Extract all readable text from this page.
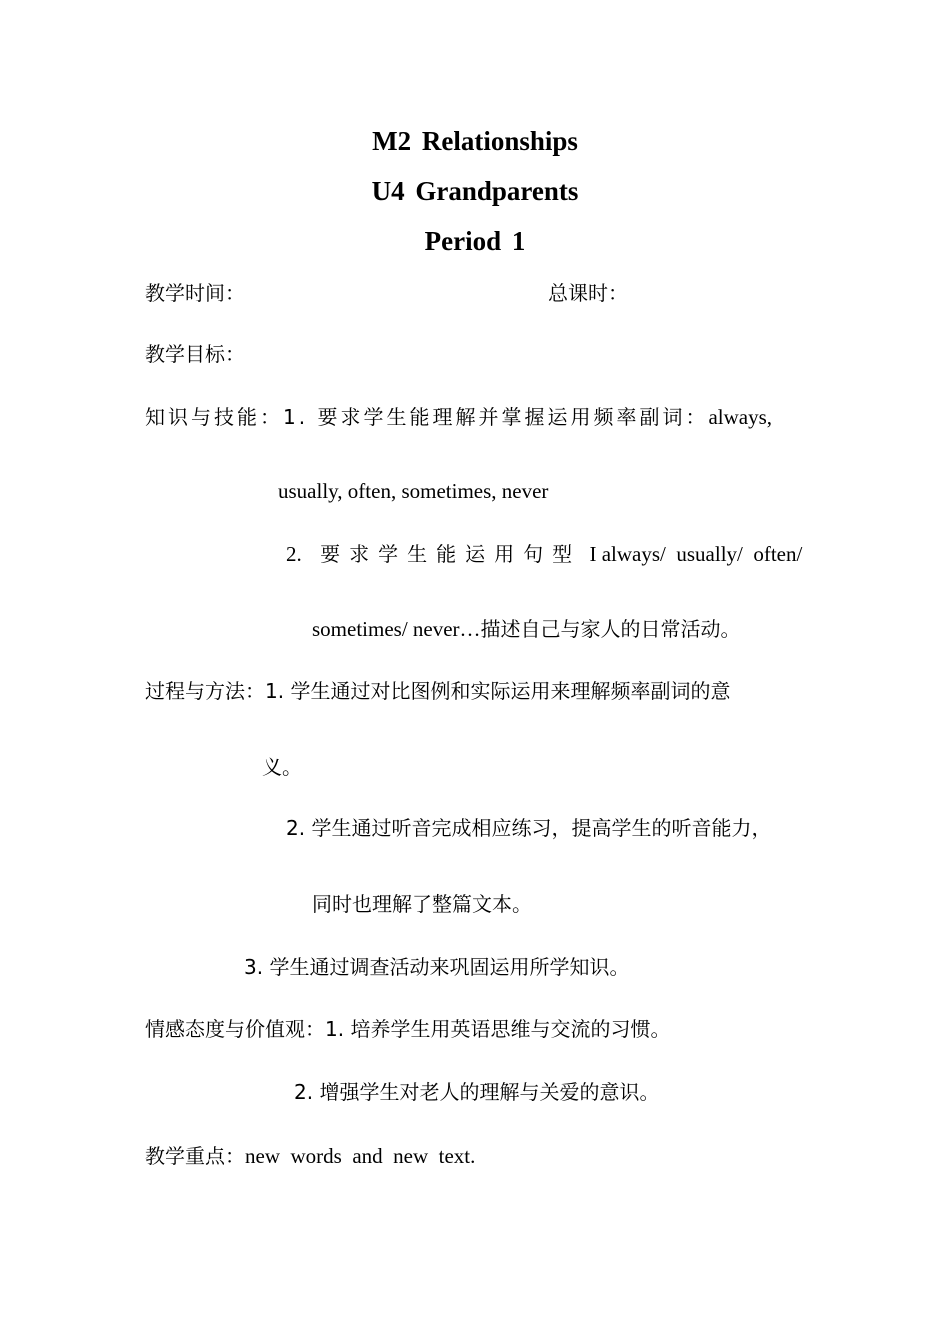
M2 Relationships
U4 Grandparents
Period 1
教学时间：	总课时：
教学目标：
知识与技能：1. 要求学生能理解并掌握运用频率副词：always,
usually, often, sometimes, never
2. 要求学生能运用句型 I always/  usually/  often/
sometimes/ never…描述自己与家人的日常活动。
过程与方法：1. 学生通过对比图例和实际运用来理解频率副词的意
义。
2. 学生通过听音完成相应练习，提高学生的听音能力，
同时也理解了整篇文本。
3. 学生通过调查活动来巩固运用所学知识。
情感态度与价值观：1. 培养学生用英语思维与交流的习惯。
2. 增强学生对老人的理解与关爱的意识。
教学重点：new  words  and  new  text.
